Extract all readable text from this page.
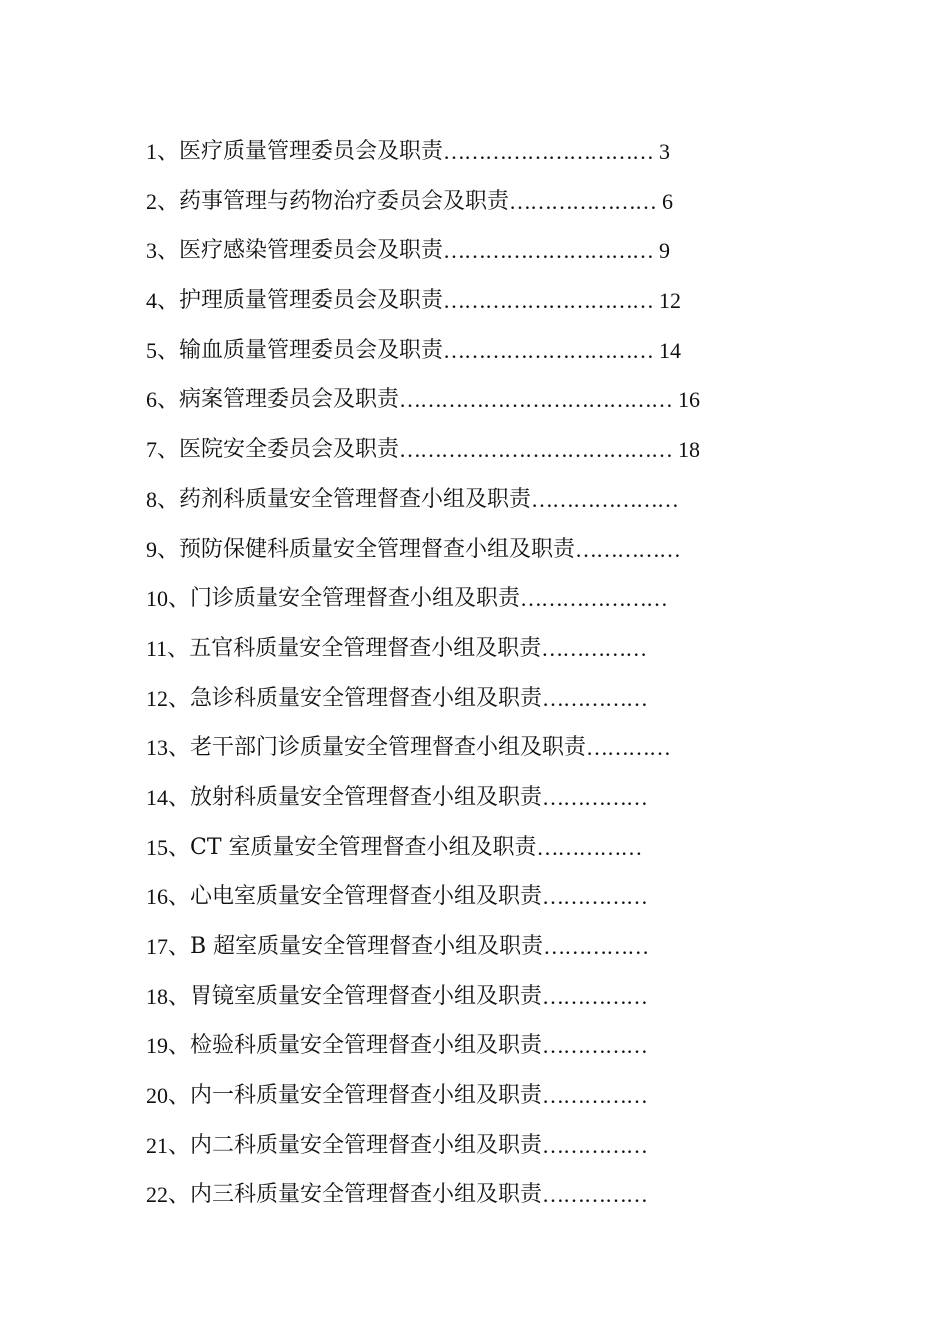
1、 医疗质量管理委员会及职责 ………………………… 3
2、 药事管理与药物治疗委员会及职责 ………………… 6
3、 医疗感染管理委员会及职责 ………………………… 9
4、 护理质量管理委员会及职责 ………………………… 12
5、 输血质量管理委员会及职责 ………………………… 14
6、 病案管理委员会及职责 ………………………………… 16
7、 医院安全委员会及职责 ………………………………… 18
8、 药剂科质量安全管理督查小组及职责 …………………
9、 预防保健科质量安全管理督查小组及职责 ……………
10、 门诊质量安全管理督查小组及职责 …………………
11、 五官科质量安全管理督查小组及职责 ……………
12、 急诊科质量安全管理督查小组及职责 ……………
13、 老干部门诊质量安全管理督查小组及职责 …………
14、 放射科质量安全管理督查小组及职责 ……………
15、 CT 室质量安全管理督查小组及职责 ……………
16、 心电室质量安全管理督查小组及职责 ……………
17、 B 超室质量安全管理督查小组及职责 ……………
18、 胃镜室质量安全管理督查小组及职责 ……………
19、 检验科质量安全管理督查小组及职责 ……………
20、 内一科质量安全管理督查小组及职责 ……………
21、 内二科质量安全管理督查小组及职责 ……………
22、 内三科质量安全管理督查小组及职责 ……………
